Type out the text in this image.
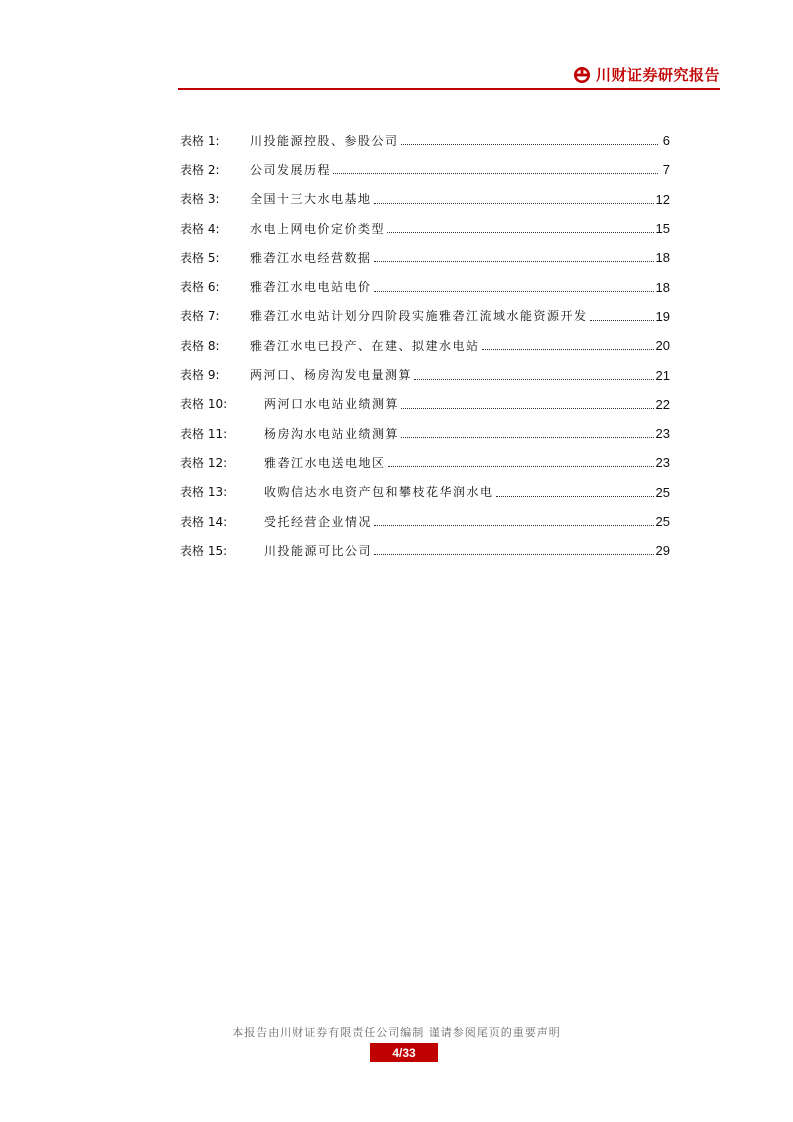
川财证券研究报告
表格 1:	川投能源控股、参股公司	6
表格 2:	公司发展历程	7
表格 3:	全国十三大水电基地	12
表格 4:	水电上网电价定价类型	15
表格 5:	雅砻江水电经营数据	18
表格 6:	雅砻江水电电站电价	18
表格 7:	雅砻江水电站计划分四阶段实施雅砻江流域水能资源开发	19
表格 8:	雅砻江水电已投产、在建、拟建水电站	20
表格 9:	两河口、杨房沟发电量测算	21
表格 10:	两河口水电站业绩测算	22
表格 11:	杨房沟水电站业绩测算	23
表格 12:	雅砻江水电送电地区	23
表格 13:	收购信达水电资产包和攀枝花华润水电	25
表格 14:	受托经营企业情况	25
表格 15:	川投能源可比公司	29
本报告由川财证券有限责任公司编制 谨请参阅尾页的重要声明
4/33
